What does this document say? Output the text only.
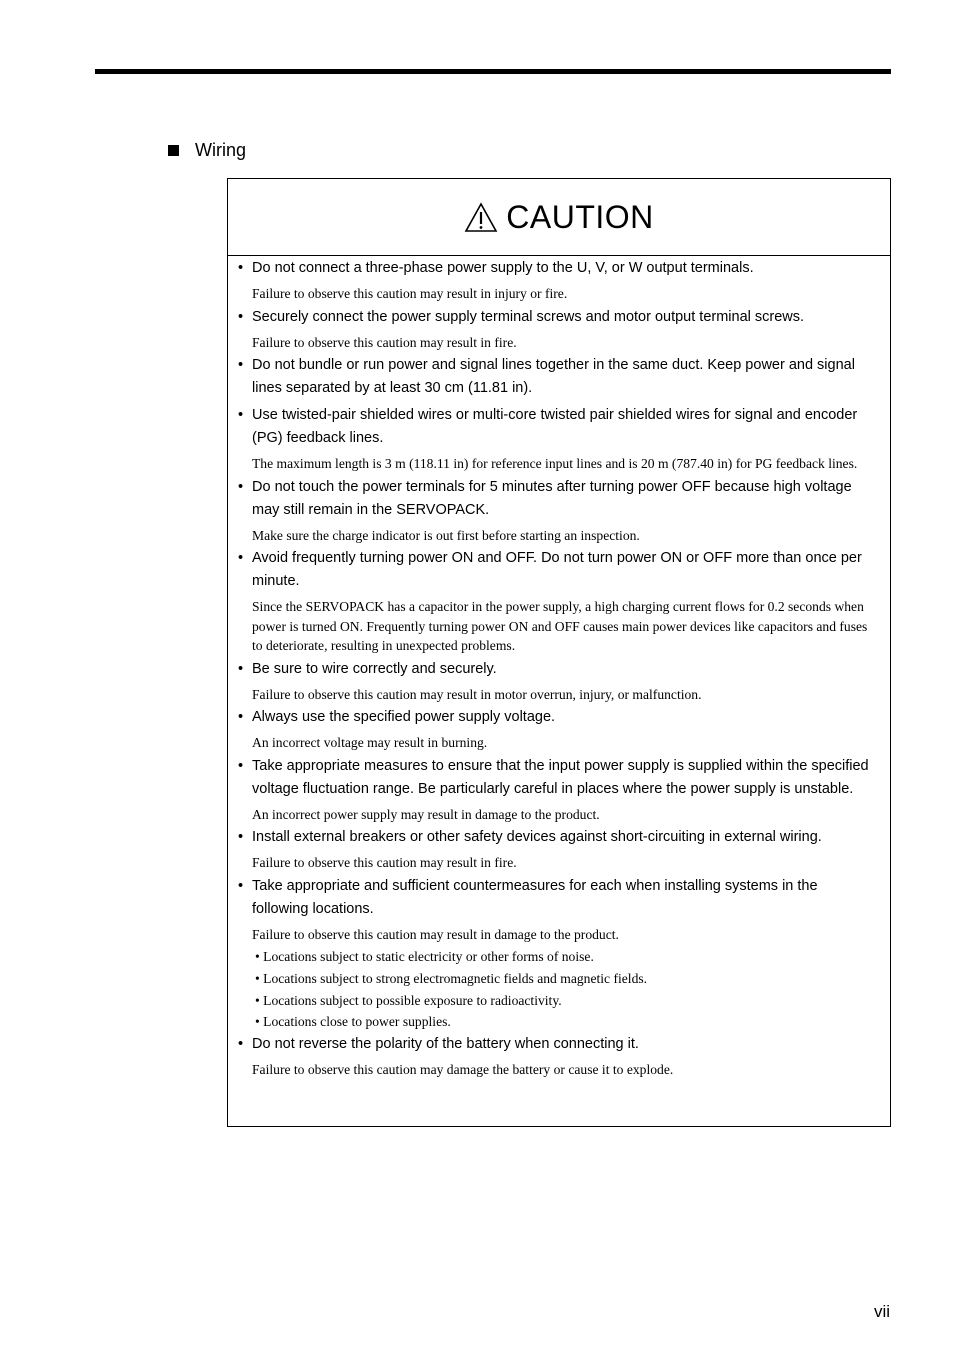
Wiring
CAUTION
• Do not connect a three-phase power supply to the U, V, or W output terminals.
Failure to observe this caution may result in injury or fire.
• Securely connect the power supply terminal screws and motor output terminal screws.
Failure to observe this caution may result in fire.
• Do not bundle or run power and signal lines together in the same duct. Keep power and signal lines separated by at least 30 cm (11.81 in).
• Use twisted-pair shielded wires or multi-core twisted pair shielded wires for signal and encoder (PG) feedback lines.
The maximum length is 3 m (118.11 in) for reference input lines and is 20 m (787.40 in) for PG feedback lines.
• Do not touch the power terminals for 5 minutes after turning power OFF because high voltage may still remain in the SERVOPACK.
Make sure the charge indicator is out first before starting an inspection.
• Avoid frequently turning power ON and OFF. Do not turn power ON or OFF more than once per minute.
Since the SERVOPACK has a capacitor in the power supply, a high charging current flows for 0.2 seconds when power is turned ON. Frequently turning power ON and OFF causes main power devices like capacitors and fuses to deteriorate, resulting in unexpected problems.
• Be sure to wire correctly and securely.
Failure to observe this caution may result in motor overrun, injury, or malfunction.
• Always use the specified power supply voltage.
An incorrect voltage may result in burning.
• Take appropriate measures to ensure that the input power supply is supplied within the specified voltage fluctuation range. Be particularly careful in places where the power supply is unstable.
An incorrect power supply may result in damage to the product.
• Install external breakers or other safety devices against short-circuiting in external wiring.
Failure to observe this caution may result in fire.
• Take appropriate and sufficient countermeasures for each when installing systems in the following locations.
Failure to observe this caution may result in damage to the product.
• Locations subject to static electricity or other forms of noise.
• Locations subject to strong electromagnetic fields and magnetic fields.
• Locations subject to possible exposure to radioactivity.
• Locations close to power supplies.
• Do not reverse the polarity of the battery when connecting it.
Failure to observe this caution may damage the battery or cause it to explode.
vii
